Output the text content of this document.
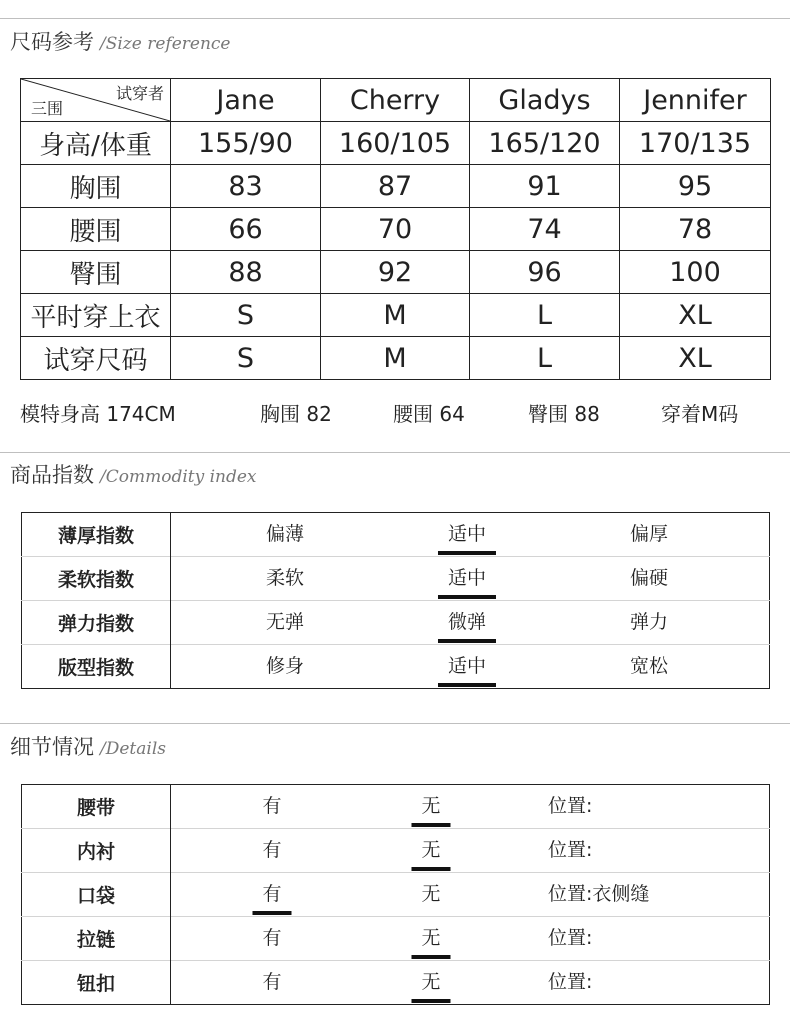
尺码参考 /Size reference
试穿者
三围	Jane	Cherry	Gladys	Jennifer
身高/体重	155/90	160/105	165/120	170/135
胸围	83	87	91	95
腰围	66	70	74	78
臀围	88	92	96	100
平时穿上衣	S	M	L	XL
试穿尺码	S	M	L	XL
模特身高 174CM	胸围 82	腰围 64	臀围 88	穿着M码
商品指数 /Commodity index
薄厚指数	偏薄 适中 偏厚

柔软指数	柔软 适中 偏硬

弹力指数	无弹 微弹 弹力

版型指数	修身 适中 宽松
细节情况 /Details
腰带	有 无 位置:

内衬	有 无 位置:

口袋	有 无 位置:衣侧缝

拉链	有 无 位置:

钮扣	有 无 位置:
